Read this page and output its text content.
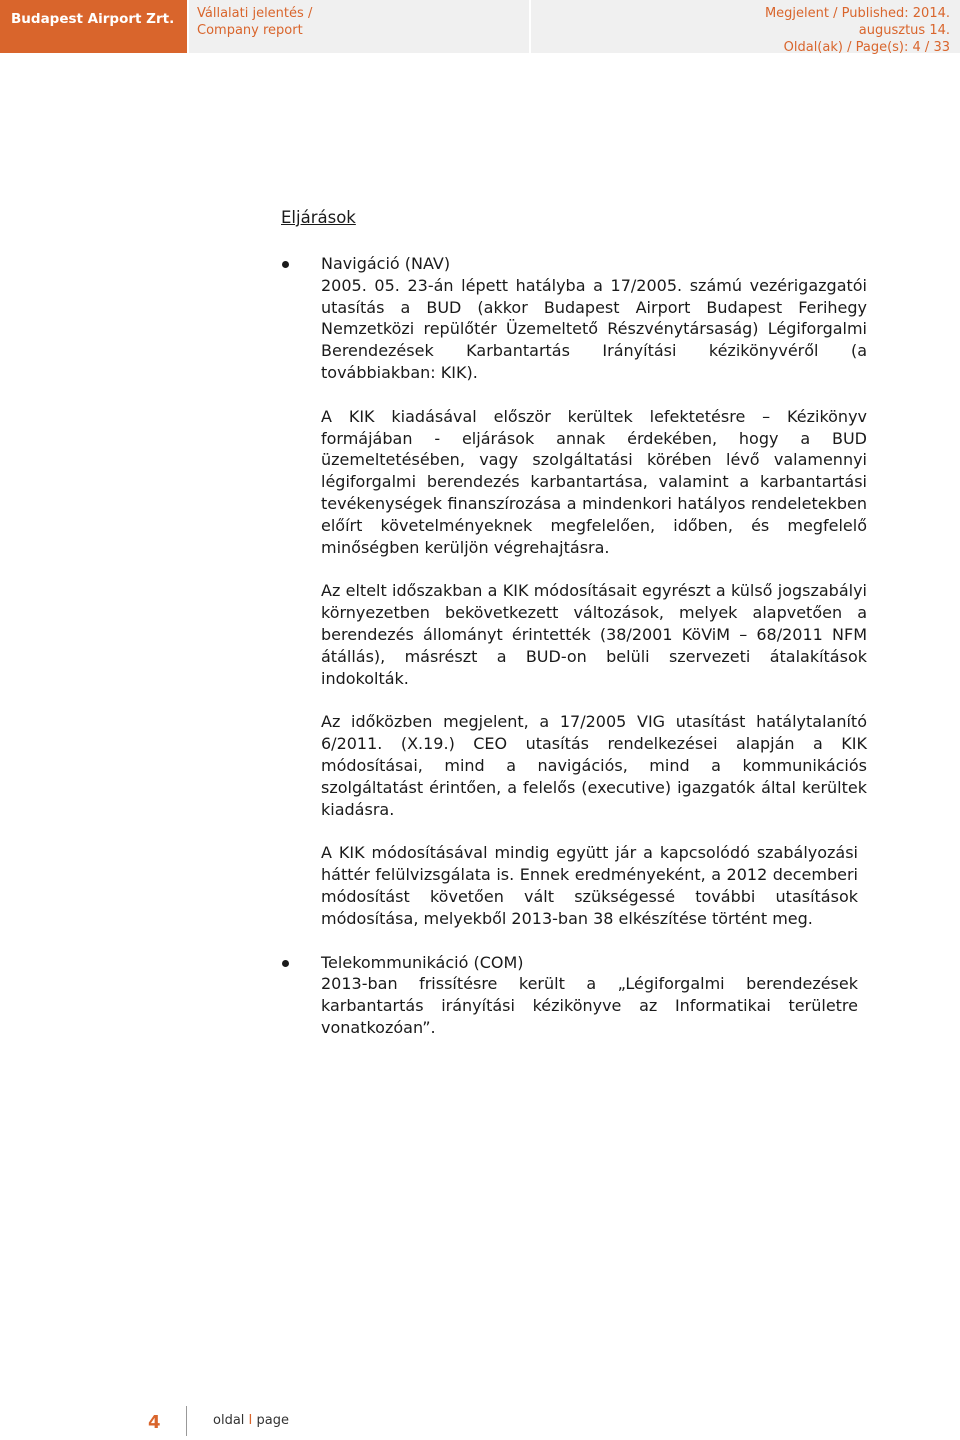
Budapest Airport Zrt.	Vállalati jelentés /
Company report
Megjelent / Published: 2014.
augusztus 14.
Oldal(ak) / Page(s): 4 / 33
Eljárások
Navigáció (NAV)

2005. 05. 23-án lépett hatályba a 17/2005. számú vezérigazgatói utasítás a BUD (akkor Budapest Airport Budapest Ferihegy Nemzetközi repülőtér Üzemeltető Részvénytársaság) Légiforgalmi Berendezések Karbantartás Irányítási kézikönyvéről (a továbbiakban: KIK).

A KIK kiadásával először kerültek lefektetésre – Kézikönyv formájában - eljárások annak érdekében, hogy a BUD üzemeltetésében, vagy szolgáltatási körében lévő valamennyi légiforgalmi berendezés karbantartása, valamint a karbantartási tevékenységek finanszírozása a mindenkori hatályos rendeletekben előírt követelményeknek megfelelően, időben, és megfelelő minőségben kerüljön végrehajtásra.

Az eltelt időszakban a KIK módosításait egyrészt a külső jogszabályi környezetben bekövetkezett változások, melyek alapvetően a berendezés állományt érintették (38/2001 KöViM – 68/2011 NFM átállás), másrészt a BUD-on belüli szervezeti átalakítások indokolták.

Az időközben megjelent, a 17/2005 VIG utasítást hatálytalanító 6/2011. (X.19.) CEO utasítás rendelkezései alapján a KIK módosításai, mind a navigációs, mind a kommunikációs szolgáltatást érintően, a felelős (executive) igazgatók által kerültek kiadásra.

A KIK módosításával mindig együtt jár a kapcsolódó szabályozási háttér felülvizsgálata is. Ennek eredményeként, a 2012 decemberi módosítást követően vált szükségessé további utasítások módosítása, melyekből 2013-ban 38 elkészítése történt meg.

Telekommunikáció (COM)

2013-ban frissítésre került a „Légiforgalmi berendezések karbantartás irányítási kézikönyve az Informatikai területre vonatkozóan”.

4	oldal I page
